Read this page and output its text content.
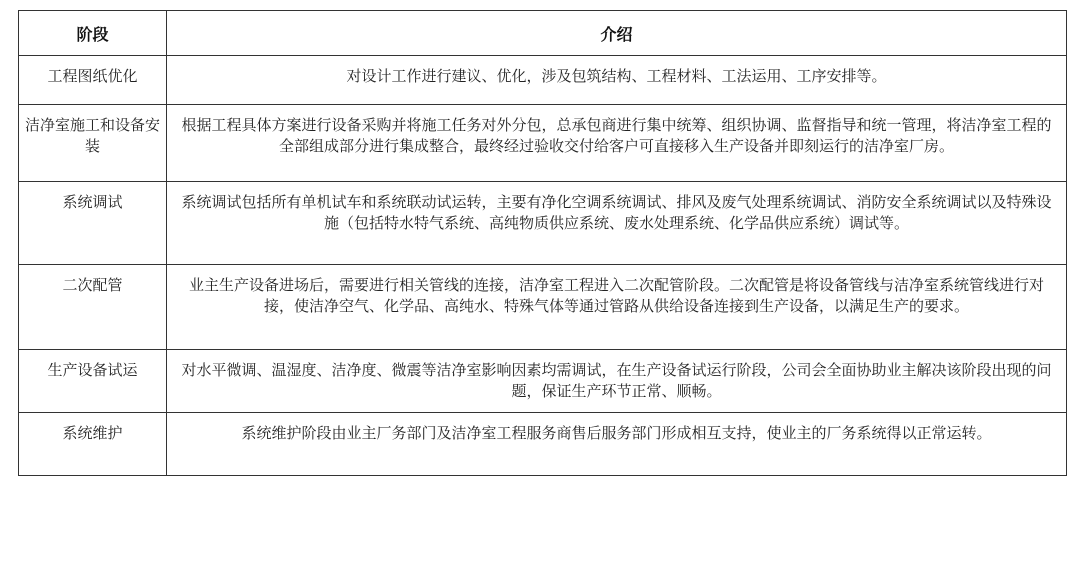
阶段	介绍
工程图纸优化	对设计工作进行建议、优化，涉及包筑结构、工程材料、工法运用、工序安排等。
洁净室施工和设备安装	根据工程具体方案进行设备采购并将施工任务对外分包，总承包商进行集中统筹、组织协调、监督指导和统一管理，将洁净室工程的全部组成部分进行集成整合，最终经过验收交付给客户可直接移入生产设备并即刻运行的洁净室厂房。
系统调试	系统调试包括所有单机试车和系统联动试运转，主要有净化空调系统调试、排风及废气处理系统调试、消防安全系统调试以及特殊设施（包括特水特气系统、高纯物质供应系统、废水处理系统、化学品供应系统）调试等。
二次配管	业主生产设备进场后，需要进行相关管线的连接，洁净室工程进入二次配管阶段。二次配管是将设备管线与洁净室系统管线进行对接，使洁净空气、化学品、高纯水、特殊气体等通过管路从供给设备连接到生产设备，以满足生产的要求。
生产设备试运	对水平微调、温湿度、洁净度、微震等洁净室影响因素均需调试，在生产设备试运行阶段，公司会全面协助业主解决该阶段出现的问题，保证生产环节正常、顺畅。
系统维护	系统维护阶段由业主厂务部门及洁净室工程服务商售后服务部门形成相互支持，使业主的厂务系统得以正常运转。
